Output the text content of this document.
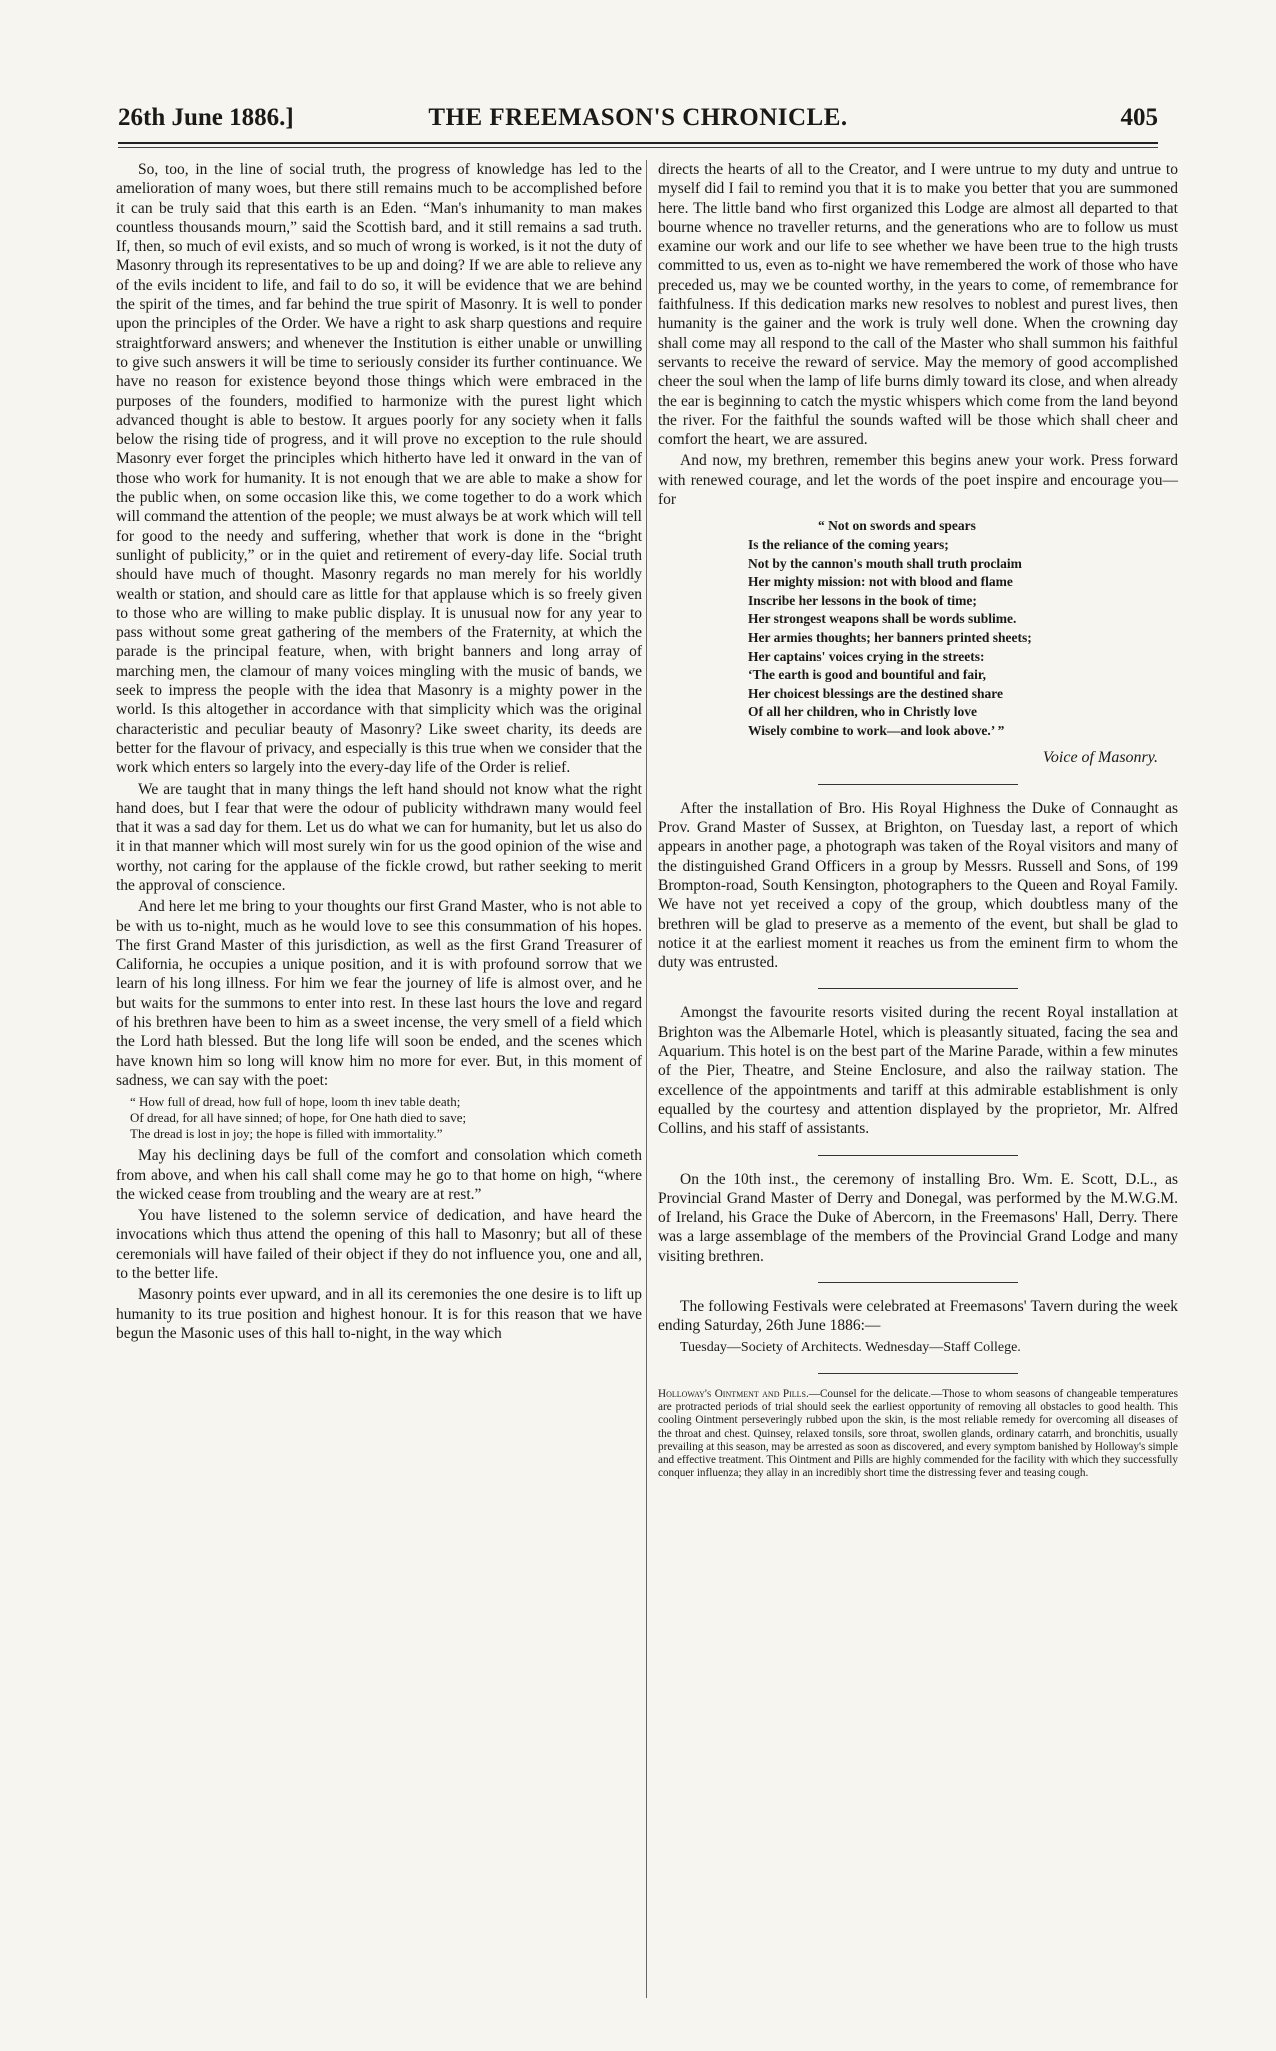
26th June 1886.]	THE FREEMASON'S CHRONICLE.	405

So, too, in the line of social truth, the progress of knowledge has led to the amelioration of many woes, but there still remains much to be accomplished before it can be truly said that this earth is an Eden. “Man's inhumanity to man makes countless thousands mourn,” said the Scottish bard, and it still remains a sad truth. If, then, so much of evil exists, and so much of wrong is worked, is it not the duty of Masonry through its representatives to be up and doing? If we are able to relieve any of the evils incident to life, and fail to do so, it will be evidence that we are behind the spirit of the times, and far behind the true spirit of Masonry. It is well to ponder upon the principles of the Order. We have a right to ask sharp questions and require straightforward answers; and whenever the Institution is either unable or unwilling to give such answers it will be time to seriously consider its further continuance. We have no reason for existence beyond those things which were embraced in the purposes of the founders, modified to harmonize with the purest light which advanced thought is able to bestow. It argues poorly for any society when it falls below the rising tide of progress, and it will prove no exception to the rule should Masonry ever forget the principles which hitherto have led it onward in the van of those who work for humanity. It is not enough that we are able to make a show for the public when, on some occasion like this, we come together to do a work which will command the attention of the people; we must always be at work which will tell for good to the needy and suffering, whether that work is done in the “bright sunlight of publicity,” or in the quiet and retirement of every-day life. Social truth should have much of thought. Masonry regards no man merely for his worldly wealth or station, and should care as little for that applause which is so freely given to those who are willing to make public display. It is unusual now for any year to pass without some great gathering of the members of the Fraternity, at which the parade is the principal feature, when, with bright banners and long array of marching men, the clamour of many voices mingling with the music of bands, we seek to impress the people with the idea that Masonry is a mighty power in the world. Is this altogether in accordance with that simplicity which was the original characteristic and peculiar beauty of Masonry? Like sweet charity, its deeds are better for the flavour of privacy, and especially is this true when we consider that the work which enters so largely into the every-day life of the Order is relief.

We are taught that in many things the left hand should not know what the right hand does, but I fear that were the odour of publicity withdrawn many would feel that it was a sad day for them. Let us do what we can for humanity, but let us also do it in that manner which will most surely win for us the good opinion of the wise and worthy, not caring for the applause of the fickle crowd, but rather seeking to merit the approval of conscience.

And here let me bring to your thoughts our first Grand Master, who is not able to be with us to-night, much as he would love to see this consummation of his hopes. The first Grand Master of this jurisdiction, as well as the first Grand Treasurer of California, he occupies a unique position, and it is with profound sorrow that we learn of his long illness. For him we fear the journey of life is almost over, and he but waits for the summons to enter into rest. In these last hours the love and regard of his brethren have been to him as a sweet incense, the very smell of a field which the Lord hath blessed. But the long life will soon be ended, and the scenes which have known him so long will know him no more for ever. But, in this moment of sadness, we can say with the poet:

“ How full of dread, how full of hope, loom th inev table death;
Of dread, for all have sinned; of hope, for One hath died to save;
The dread is lost in joy; the hope is filled with immortality.”

May his declining days be full of the comfort and consolation which cometh from above, and when his call shall come may he go to that home on high, “where the wicked cease from troubling and the weary are at rest.”

You have listened to the solemn service of dedication, and have heard the invocations which thus attend the opening of this hall to Masonry; but all of these ceremonials will have failed of their object if they do not influence you, one and all, to the better life.

Masonry points ever upward, and in all its ceremonies the one desire is to lift up humanity to its true position and highest honour. It is for this reason that we have begun the Masonic uses of this hall to-night, in the way which

directs the hearts of all to the Creator, and I were untrue to my duty and untrue to myself did I fail to remind you that it is to make you better that you are summoned here. The little band who first organized this Lodge are almost all departed to that bourne whence no traveller returns, and the generations who are to follow us must examine our work and our life to see whether we have been true to the high trusts committed to us, even as to-night we have remembered the work of those who have preceded us, may we be counted worthy, in the years to come, of remembrance for faithfulness. If this dedication marks new resolves to noblest and purest lives, then humanity is the gainer and the work is truly well done. When the crowning day shall come may all respond to the call of the Master who shall summon his faithful servants to receive the reward of service. May the memory of good accomplished cheer the soul when the lamp of life burns dimly toward its close, and when already the ear is beginning to catch the mystic whispers which come from the land beyond the river. For the faithful the sounds wafted will be those which shall cheer and comfort the heart, we are assured.

And now, my brethren, remember this begins anew your work. Press forward with renewed courage, and let the words of the poet inspire and encourage you—for

“ Not on swords and spears
Is the reliance of the coming years;
Not by the cannon's mouth shall truth proclaim
Her mighty mission: not with blood and flame
Inscribe her lessons in the book of time;
Her strongest weapons shall be words sublime.
Her armies thoughts; her banners printed sheets;
Her captains' voices crying in the streets:
‘The earth is good and bountiful and fair,
Her choicest blessings are the destined share
Of all her children, who in Christly love
Wisely combine to work—and look above.’ ”
Voice of Masonry.

After the installation of Bro. His Royal Highness the Duke of Connaught as Prov. Grand Master of Sussex, at Brighton, on Tuesday last, a report of which appears in another page, a photograph was taken of the Royal visitors and many of the distinguished Grand Officers in a group by Messrs. Russell and Sons, of 199 Brompton-road, South Kensington, photographers to the Queen and Royal Family. We have not yet received a copy of the group, which doubtless many of the brethren will be glad to preserve as a memento of the event, but shall be glad to notice it at the earliest moment it reaches us from the eminent firm to whom the duty was entrusted.

Amongst the favourite resorts visited during the recent Royal installation at Brighton was the Albemarle Hotel, which is pleasantly situated, facing the sea and Aquarium. This hotel is on the best part of the Marine Parade, within a few minutes of the Pier, Theatre, and Steine Enclosure, and also the railway station. The excellence of the appointments and tariff at this admirable establishment is only equalled by the courtesy and attention displayed by the proprietor, Mr. Alfred Collins, and his staff of assistants.

On the 10th inst., the ceremony of installing Bro. Wm. E. Scott, D.L., as Provincial Grand Master of Derry and Donegal, was performed by the M.W.G.M. of Ireland, his Grace the Duke of Abercorn, in the Freemasons' Hall, Derry. There was a large assemblage of the members of the Provincial Grand Lodge and many visiting brethren.

The following Festivals were celebrated at Freemasons' Tavern during the week ending Saturday, 26th June 1886:—

Tuesday—Society of Architects. Wednesday—Staff College.

Holloway's Ointment and Pills.—Counsel for the delicate.—Those to whom seasons of changeable temperatures are protracted periods of trial should seek the earliest opportunity of removing all obstacles to good health. This cooling Ointment perseveringly rubbed upon the skin, is the most reliable remedy for overcoming all diseases of the throat and chest. Quinsey, relaxed tonsils, sore throat, swollen glands, ordinary catarrh, and bronchitis, usually prevailing at this season, may be arrested as soon as discovered, and every symptom banished by Holloway's simple and effective treatment. This Ointment and Pills are highly commended for the facility with which they successfully conquer influenza; they allay in an incredibly short time the distressing fever and teasing cough.
